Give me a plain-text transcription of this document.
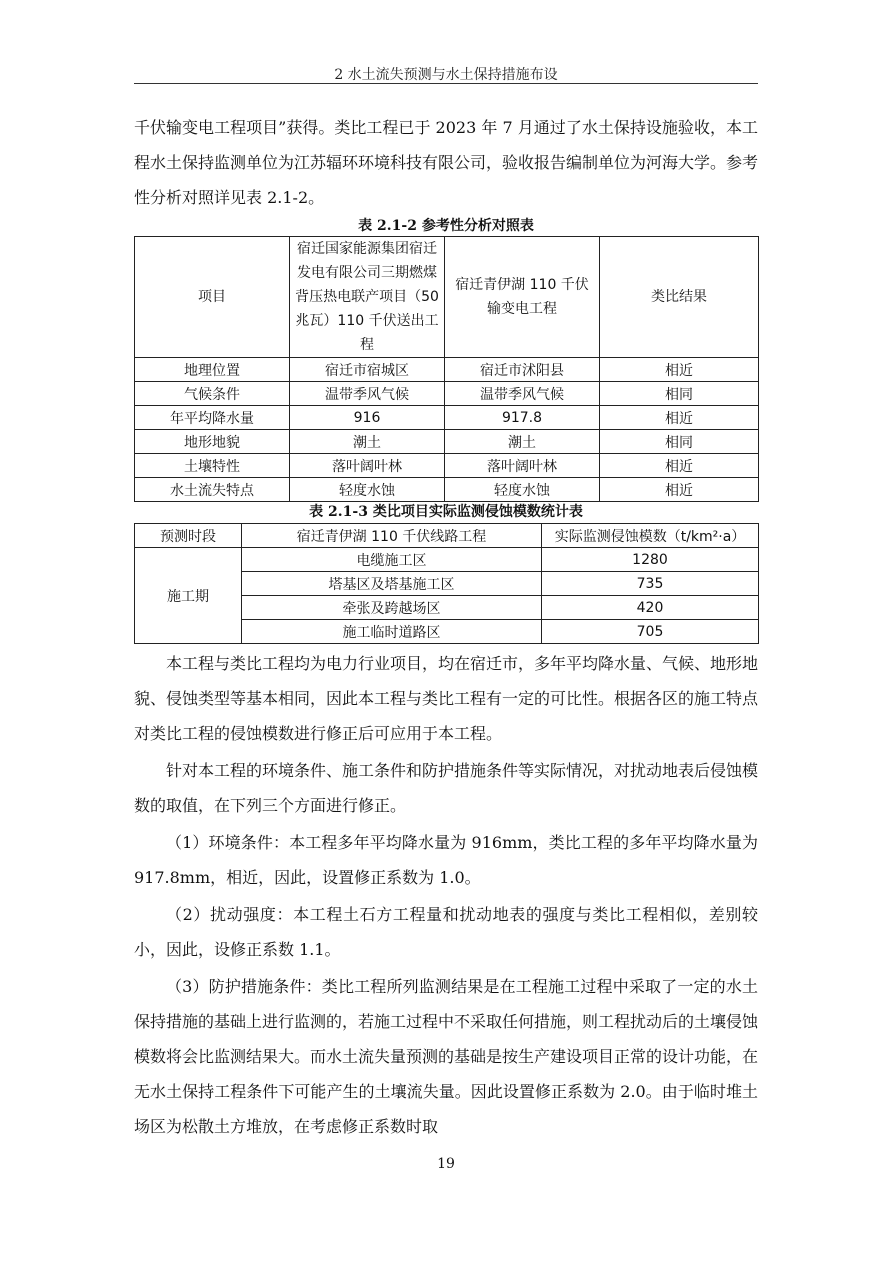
2 水土流失预测与水土保持措施布设

千伏输变电工程项目”获得。类比工程已于 2023 年 7 月通过了水土保持设施验收，本工程水土保持监测单位为江苏辐环环境科技有限公司，验收报告编制单位为河海大学。参考性分析对照详见表 2.1-2。

表 2.1-2 参考性分析对照表
项目	宿迁国家能源集团宿迁发电有限公司三期燃煤背压热电联产项目（50 兆瓦）110 千伏送出工程	宿迁青伊湖 110 千伏输变电工程	类比结果
地理位置	宿迁市宿城区	宿迁市沭阳县	相近
气候条件	温带季风气候	温带季风气候	相同
年平均降水量	916	917.8	相近
地形地貌	潮土	潮土	相同
土壤特性	落叶阔叶林	落叶阔叶林	相近
水土流失特点	轻度水蚀	轻度水蚀	相近
表 2.1-3 类比项目实际监测侵蚀模数统计表
预测时段	宿迁青伊湖 110 千伏线路工程	实际监测侵蚀模数（t/km²·a）
施工期	电缆施工区	1280
	塔基区及塔基施工区	735
	牵张及跨越场区	420
	施工临时道路区	705

本工程与类比工程均为电力行业项目，均在宿迁市，多年平均降水量、气候、地形地貌、侵蚀类型等基本相同，因此本工程与类比工程有一定的可比性。根据各区的施工特点对类比工程的侵蚀模数进行修正后可应用于本工程。

针对本工程的环境条件、施工条件和防护措施条件等实际情况，对扰动地表后侵蚀模数的取值，在下列三个方面进行修正。

（1）环境条件：本工程多年平均降水量为 916mm，类比工程的多年平均降水量为 917.8mm，相近，因此，设置修正系数为 1.0。

（2）扰动强度：本工程土石方工程量和扰动地表的强度与类比工程相似，差别较小，因此，设修正系数 1.1。

（3）防护措施条件：类比工程所列监测结果是在工程施工过程中采取了一定的水土保持措施的基础上进行监测的，若施工过程中不采取任何措施，则工程扰动后的土壤侵蚀模数将会比监测结果大。而水土流失量预测的基础是按生产建设项目正常的设计功能，在无水土保持工程条件下可能产生的土壤流失量。因此设置修正系数为 2.0。由于临时堆土场区为松散土方堆放，在考虑修正系数时取

19
